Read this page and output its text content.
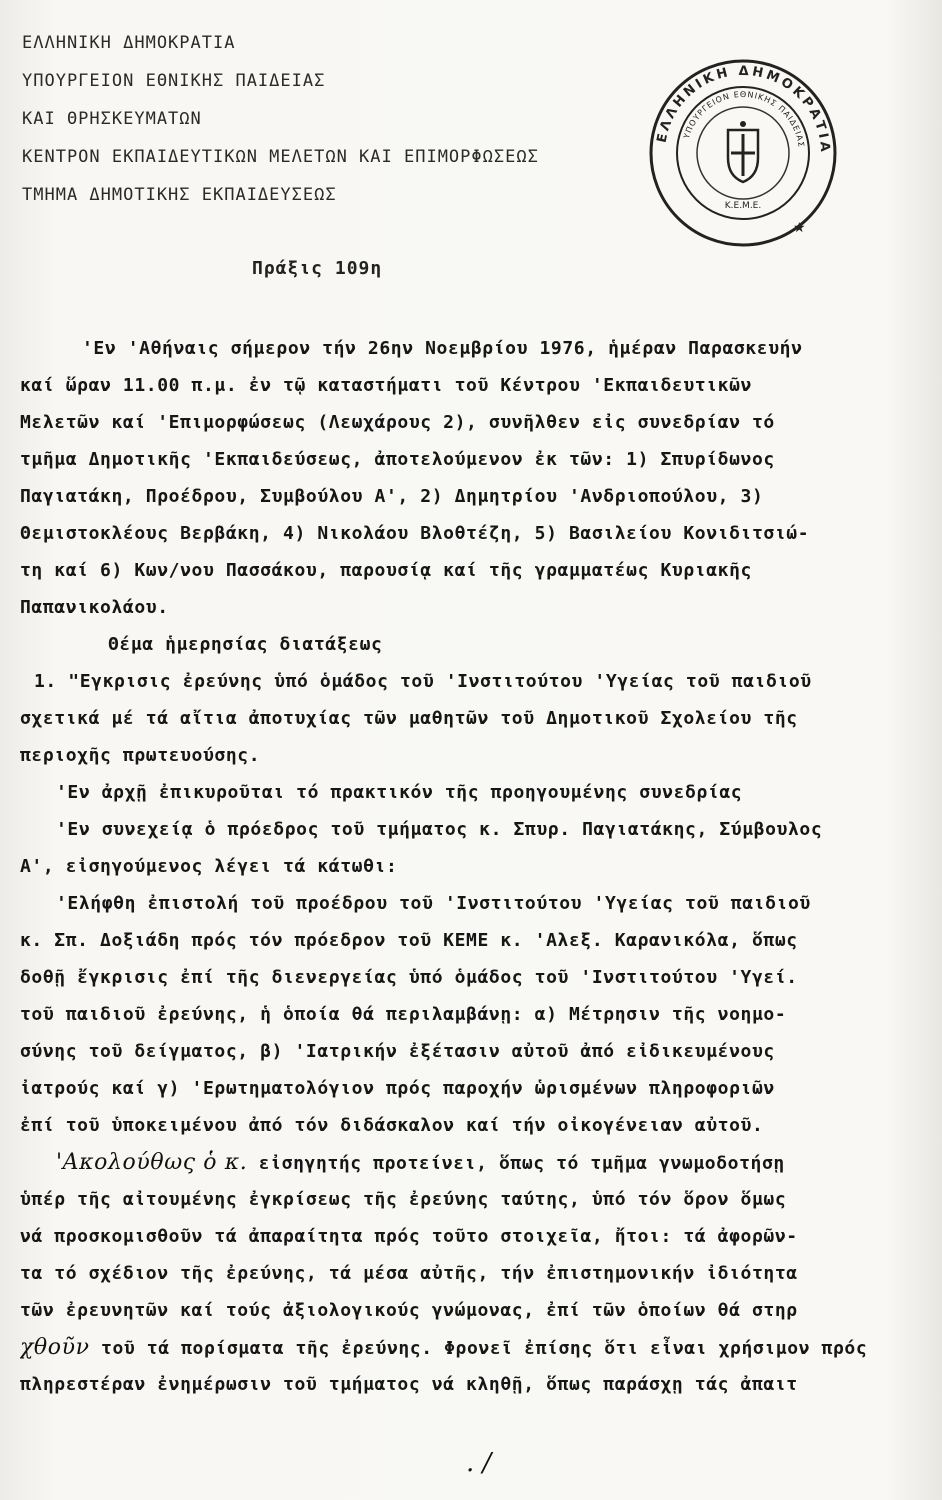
ΕΛΛΗΝΙΚΗ ΔΗΜΟΚΡΑΤΙΑ
ΥΠΟΥΡΓΕΙΟΝ ΕΘΝΙΚΗΣ ΠΑΙΔΕΙΑΣ
ΚΑΙ ΘΡΗΣΚΕΥΜΑΤΩΝ
ΚΕΝΤΡΟΝ ΕΚΠΑΙΔΕΥΤΙΚΩΝ ΜΕΛΕΤΩΝ ΚΑΙ ΕΠΙΜΟΡΦΩΣΕΩΣ
ΤΜΗΜΑ ΔΗΜΟΤΙΚΗΣ ΕΚΠΑΙΔΕΥΣΕΩΣ
ΕΛΛΗΝΙΚΗ ΔΗΜΟΚΡΑΤΙΑ
ΥΠΟΥΡΓΕΙΟΝ ΕΘΝΙΚΗΣ ΠΑΙΔΕΙΑΣ
Κ.Ε.Μ.Ε.
★
Πράξις 109η
'Εν 'Αθήναις σήμερον τήν 26ην Νοεμβρίου 1976, ἡμέραν Παρασκευήν
καί ὥραν 11.00 π.μ. ἐν τῷ καταστήματι τοῦ Κέντρου 'Εκπαιδευτικῶν
Μελετῶν καί 'Επιμορφώσεως (Λεωχάρους 2), συνῆλθεν εἰς συνεδρίαν τό
τμῆμα Δημοτικῆς 'Εκπαιδεύσεως, ἀποτελούμενον ἐκ τῶν: 1) Σπυρίδωνος
Παγιατάκη, Προέδρου, Συμβούλου Α', 2) Δημητρίου 'Ανδριοπούλου, 3)
Θεμιστοκλέους Βερβάκη, 4) Νικολάου Βλοθτέζη, 5) Βασιλείου Κονιδιτσιώ-
τη καί 6) Κων/νου Πασσάκου, παρουσίᾳ καί τῆς γραμματέως Κυριακῆς
Παπανικολάου.
Θέμα ἡμερησίας διατάξεως
1. "Εγκρισις ἐρεύνης ὑπό ὁμάδος τοῦ 'Ινστιτούτου 'Υγείας τοῦ παιδιοῦ
σχετικά μέ τά αἴτια ἀποτυχίας τῶν μαθητῶν τοῦ Δημοτικοῦ Σχολείου τῆς
περιοχῆς πρωτευούσης.
'Εν ἀρχῇ ἐπικυροῦται τό πρακτικόν τῆς προηγουμένης συνεδρίας
'Εν συνεχείᾳ ὁ πρόεδρος τοῦ τμήματος κ. Σπυρ. Παγιατάκης, Σύμβουλος
Α', εἰσηγούμενος λέγει τά κάτωθι:
'Ελήφθη ἐπιστολή τοῦ προέδρου τοῦ 'Ινστιτούτου 'Υγείας τοῦ παιδιοῦ
κ. Σπ. Δοξιάδη πρός τόν πρόεδρον τοῦ ΚΕΜΕ κ. 'Αλεξ. Καρανικόλα, ὅπως
δοθῇ ἔγκρισις ἐπί τῆς διενεργείας ὑπό ὁμάδος τοῦ 'Ινστιτούτου 'Υγεί.
τοῦ παιδιοῦ ἐρεύνης, ἡ ὁποία θά περιλαμβάνῃ: α) Μέτρησιν τῆς νοημο-
σύνης τοῦ δείγματος, β) 'Ιατρικήν ἐξέτασιν αὐτοῦ ἀπό εἰδικευμένους
ἰατρούς καί γ) 'Ερωτηματολόγιον πρός παροχήν ὡρισμένων πληροφοριῶν
ἐπί τοῦ ὑποκειμένου ἀπό τόν διδάσκαλον καί τήν οἰκογένειαν αὐτοῦ.
'Ακολούθως ὁ κ. εἰσηγητής προτείνει, ὅπως τό τμῆμα γνωμοδοτήσῃ
ὑπέρ τῆς αἰτουμένης ἐγκρίσεως τῆς ἐρεύνης ταύτης, ὑπό τόν ὅρον ὅμως
νά προσκομισθοῦν τά ἀπαραίτητα πρός τοῦτο στοιχεῖα, ἤτοι: τά ἀφορῶν-
τα τό σχέδιον τῆς ἐρεύνης, τά μέσα αὐτῆς, τήν ἐπιστημονικήν ἰδιότητα
τῶν ἐρευνητῶν καί τούς ἀξιολογικούς γνώμονας, ἐπί τῶν ὁποίων θά στηρ
χθοῦν τοῦ τά πορίσματα τῆς ἐρεύνης. Φρονεῖ ἐπίσης ὅτι εἶναι χρήσιμον πρός
πληρεστέραν ἐνημέρωσιν τοῦ τμήματος νά κληθῇ, ὅπως παράσχῃ τάς ἀπαιτ
. /
